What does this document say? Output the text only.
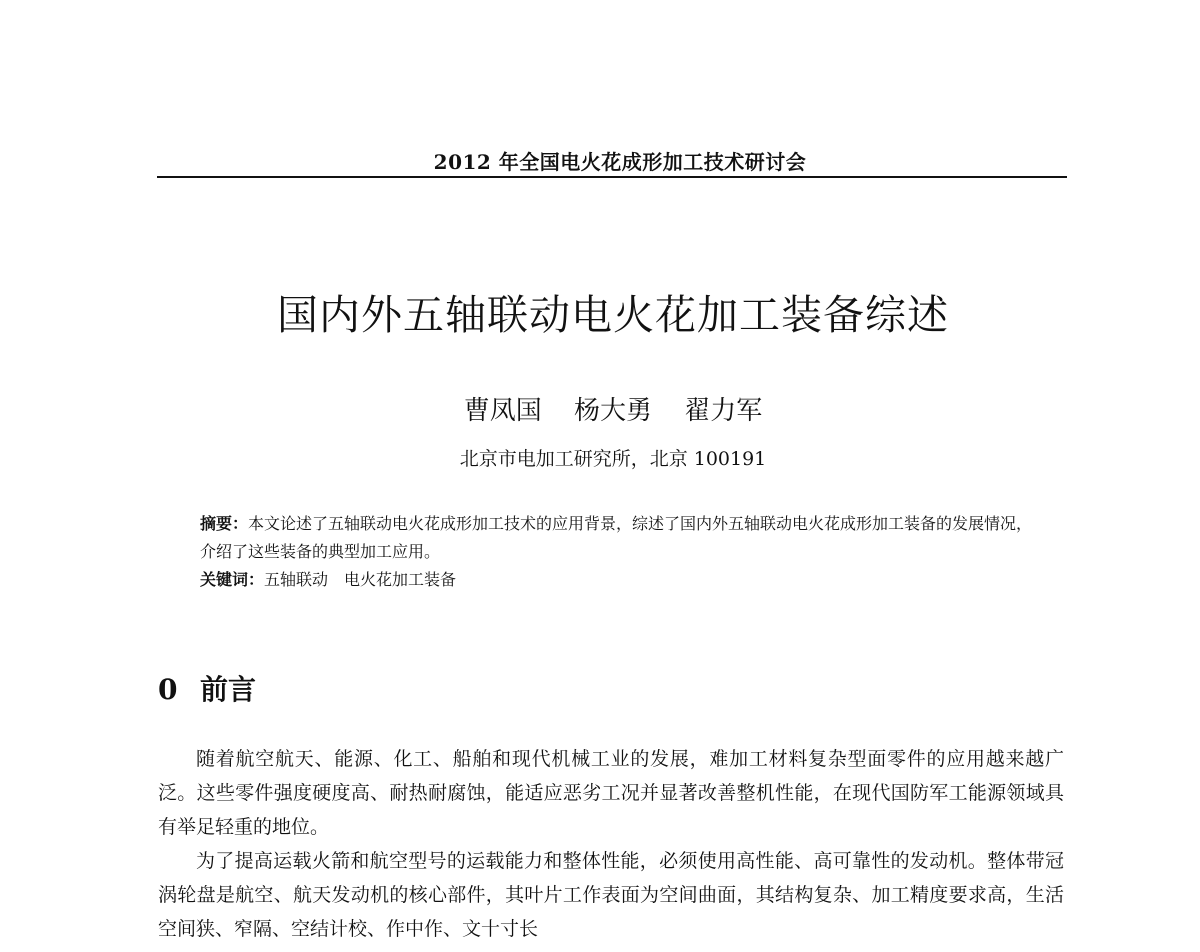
2012 年全国电火花成形加工技术研讨会
国内外五轴联动电火花加工装备综述
曹凤国 杨大勇 翟力军
北京市电加工研究所，北京 100191
摘要：本文论述了五轴联动电火花成形加工技术的应用背景，综述了国内外五轴联动电火花成形加工装备的发展情况，介绍了这些装备的典型加工应用。
关键词：五轴联动　电火花加工装备
0 前言

随着航空航天、能源、化工、船舶和现代机械工业的发展，难加工材料复杂型面零件的应用越来越广泛。这些零件强度硬度高、耐热耐腐蚀，能适应恶劣工况并显著改善整机性能，在现代国防军工能源领域具有举足轻重的地位。

为了提高运载火箭和航空型号的运载能力和整体性能，必须使用高性能、高可靠性的发动机。整体带冠涡轮盘是航空、航天发动机的核心部件，其叶片工作表面为空间曲面，其结构复杂、加工精度要求高，生活空间狭、窄隔、空结计校、作中作、文十寸长
